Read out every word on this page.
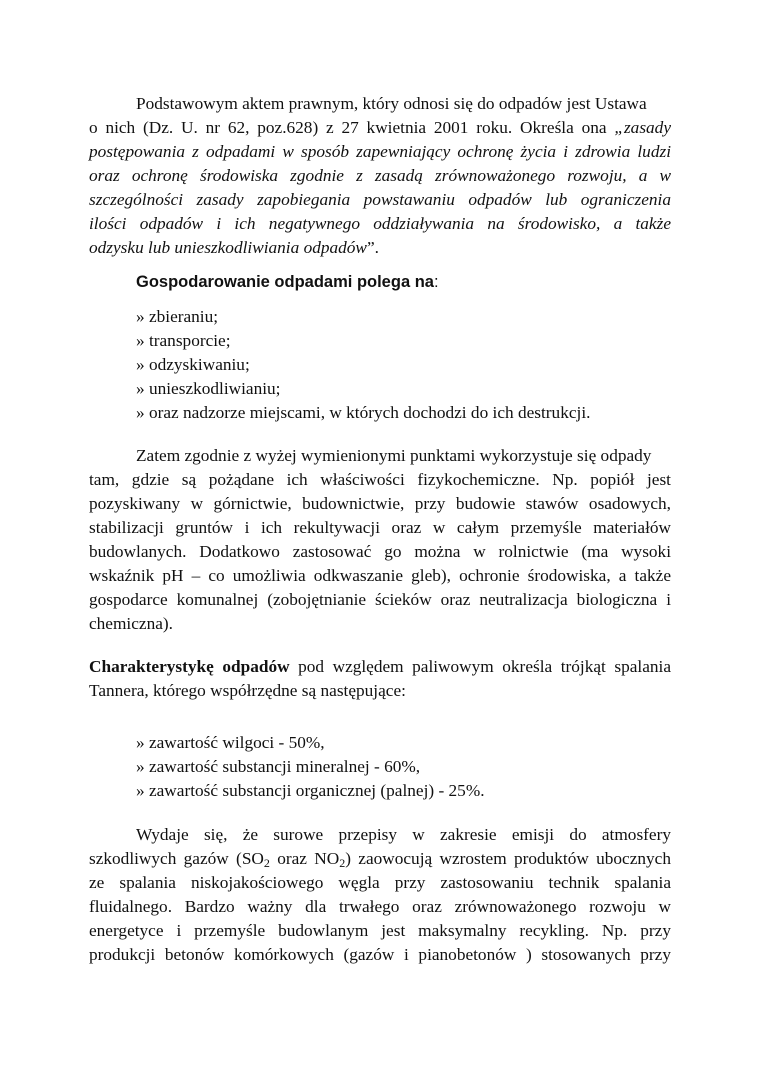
Podstawowym aktem prawnym, który odnosi się do odpadów jest Ustawa

o nich (Dz. U. nr 62, poz.628) z 27 kwietnia 2001 roku. Określa ona „zasady

postępowania z odpadami w sposób zapewniający ochronę życia i zdrowia ludzi

oraz ochronę środowiska zgodnie z zasadą zrównoważonego rozwoju, a w

szczególności zasady zapobiegania powstawaniu odpadów lub ograniczenia

ilości odpadów i ich negatywnego oddziaływania na środowisko, a także

odzysku lub unieszkodliwiania odpadów”.

Gospodarowanie odpadami polega na:

» zbieraniu;

» transporcie;

» odzyskiwaniu;

» unieszkodliwianiu;

» oraz nadzorze miejscami, w których dochodzi do ich destrukcji.

Zatem zgodnie z wyżej wymienionymi punktami wykorzystuje się odpady

tam, gdzie są pożądane ich właściwości fizykochemiczne. Np. popiół jest

pozyskiwany w górnictwie, budownictwie, przy budowie stawów osadowych,

stabilizacji gruntów i ich rekultywacji oraz w całym przemyśle materiałów

budowlanych. Dodatkowo zastosować go można w rolnictwie (ma wysoki

wskaźnik pH – co umożliwia odkwaszanie gleb), ochronie środowiska, a także

gospodarce komunalnej (zobojętnianie ścieków oraz neutralizacja biologiczna i

chemiczna).

Charakterystykę odpadów pod względem paliwowym określa trójkąt spalania

Tannera, którego współrzędne są następujące:

» zawartość wilgoci - 50%,

» zawartość substancji mineralnej - 60%,

» zawartość substancji organicznej (palnej) - 25%.

Wydaje się, że surowe przepisy w zakresie emisji do atmosfery

szkodliwych gazów ($SO_2$ oraz $NO_2$) zaowocują wzrostem produktów ubocznych

ze spalania niskojakościowego węgla przy zastosowaniu technik spalania

fluidalnego. Bardzo ważny dla trwałego oraz zrównoważonego rozwoju w

energetyce i przemyśle budowlanym jest maksymalny recykling. Np. przy

produkcji betonów komórkowych (gazów i pianobetonów ) stosowanych przy
